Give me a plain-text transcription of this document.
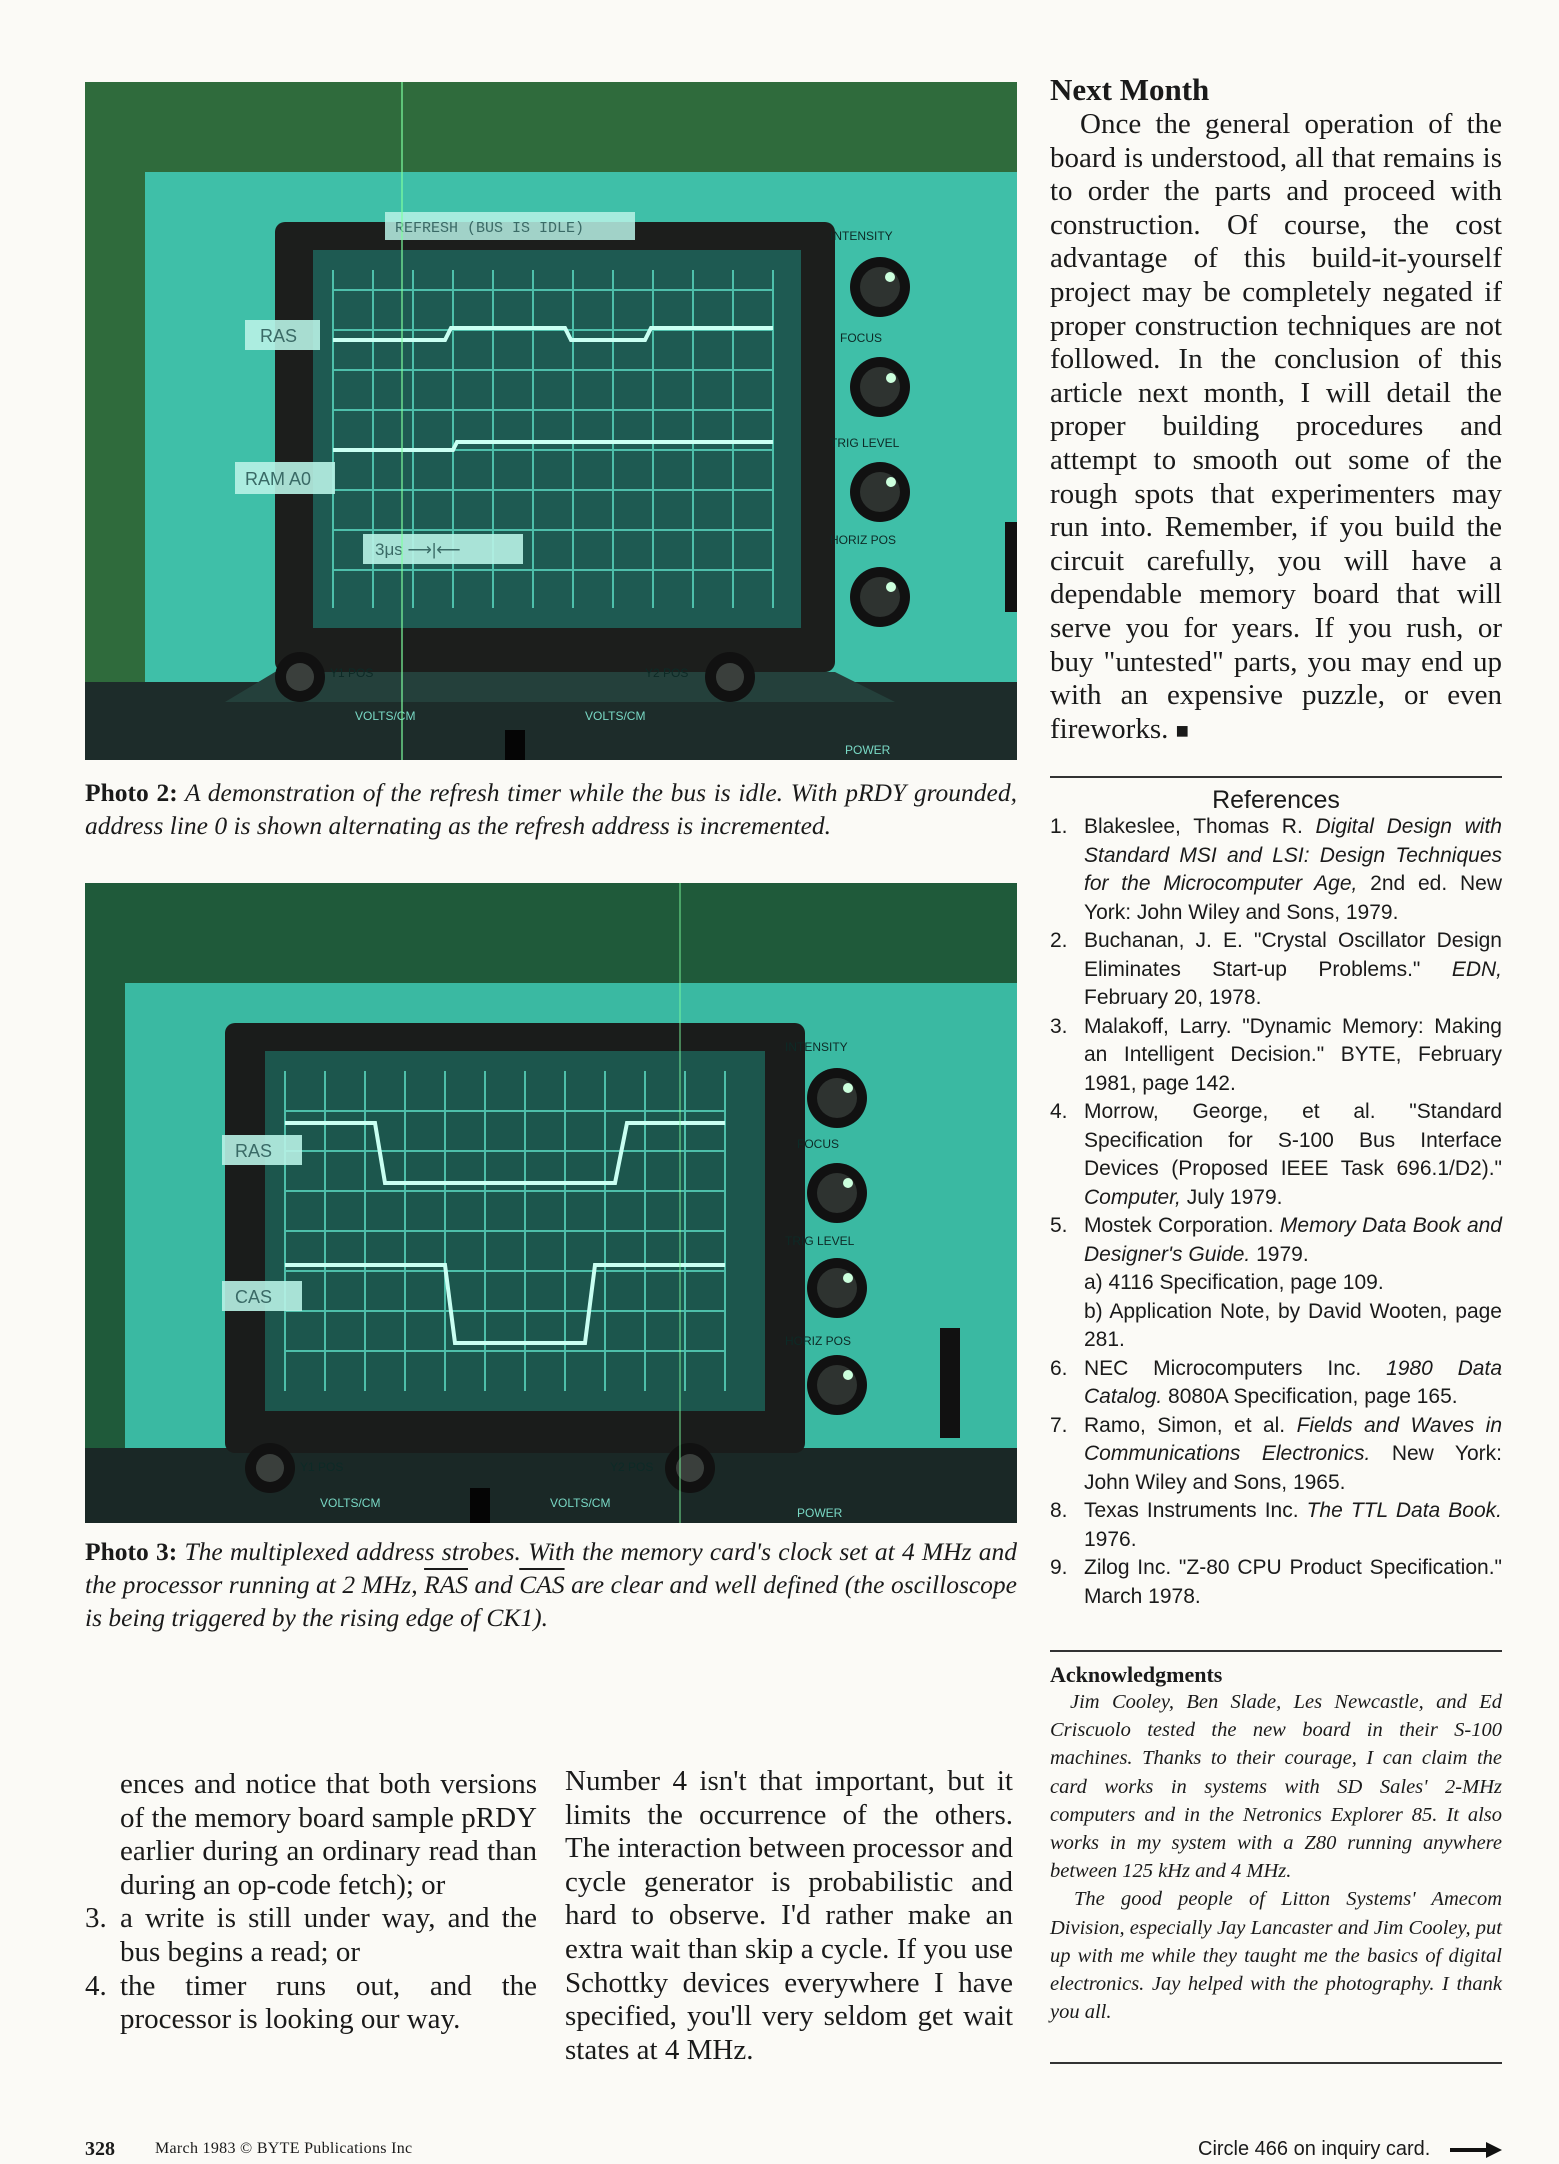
REFRESH (BUS IS IDLE)
RAS
RAM A0
3μs ⟶|⟵
INTENSITY
FOCUS
TRIG LEVEL
HORIZ POS
Y1 POS	Y2 POS
VOLTS/CM	VOLTS/CM
POWER
Photo 2: A demonstration of the refresh timer while the bus is idle. With pRDY grounded, address line 0 is shown alternating as the refresh address is incremented.
RAS
CAS
INTENSITY
FOCUS
TRIG LEVEL
HORIZ POS
Y1 POS	Y2 POS
VOLTS/CM	VOLTS/CM
POWER
Photo 3: The multiplexed address strobes. With the memory card's clock set at 4 MHz and the processor running at 2 MHz, $\overline{RAS}$ and $\overline{CAS}$ are clear and well defined (the oscilloscope is being triggered by the rising edge of CK1).
Next Month
Once the general operation of the board is understood, all that remains is to order the parts and proceed with construction. Of course, the cost advantage of this build-it-yourself project may be completely negated if proper construction techniques are not followed. In the conclusion of this article next month, I will detail the proper building procedures and attempt to smooth out some of the rough spots that experimenters may run into. Remember, if you build the circuit carefully, you will have a dependable memory board that will serve you for years. If you rush, or buy "untested" parts, you may end up with an expensive puzzle, or even fireworks. ■
References
1. Blakeslee, Thomas R. Digital Design with Standard MSI and LSI: Design Techniques for the Microcomputer Age, 2nd ed. New York: John Wiley and Sons, 1979.
2. Buchanan, J. E. "Crystal Oscillator Design Eliminates Start-up Problems." EDN, February 20, 1978.
3. Malakoff, Larry. "Dynamic Memory: Making an Intelligent Decision." BYTE, February 1981, page 142.
4. Morrow, George, et al. "Standard Specification for S-100 Bus Interface Devices (Proposed IEEE Task 696.1/D2)." Computer, July 1979.
5. Mostek Corporation. Memory Data Book and Designer's Guide. 1979.
a) 4116 Specification, page 109.
b) Application Note, by David Wooten, page 281.
6. NEC Microcomputers Inc. 1980 Data Catalog. 8080A Specification, page 165.
7. Ramo, Simon, et al. Fields and Waves in Communications Electronics. New York: John Wiley and Sons, 1965.
8. Texas Instruments Inc. The TTL Data Book. 1976.
9. Zilog Inc. "Z-80 CPU Product Specification." March 1978.
Acknowledgments

Jim Cooley, Ben Slade, Les Newcastle, and Ed Criscuolo tested the new board in their S-100 machines. Thanks to their courage, I can claim the card works in systems with SD Sales' 2-MHz computers and in the Netronics Explorer 85. It also works in my system with a Z80 running anywhere between 125 kHz and 4 MHz.

The good people of Litton Systems' Amecom Division, especially Jay Lancaster and Jim Cooley, put up with me while they taught me the basics of digital electronics. Jay helped with the photography. I thank you all.

ences and notice that both versions of the memory board sample pRDY earlier during an ordinary read than during an op-code fetch); or

3. a write is still under way, and the bus begins a read; or

4. the timer runs out, and the processor is looking our way.

Number 4 isn't that important, but it limits the occurrence of the others. The interaction between processor and cycle generator is probabilistic and hard to observe. I'd rather make an extra wait than skip a cycle. If you use Schottky devices everywhere I have specified, you'll very seldom get wait states at 4 MHz.

328	March 1983 © BYTE Publications Inc	Circle 466 on inquiry card.
